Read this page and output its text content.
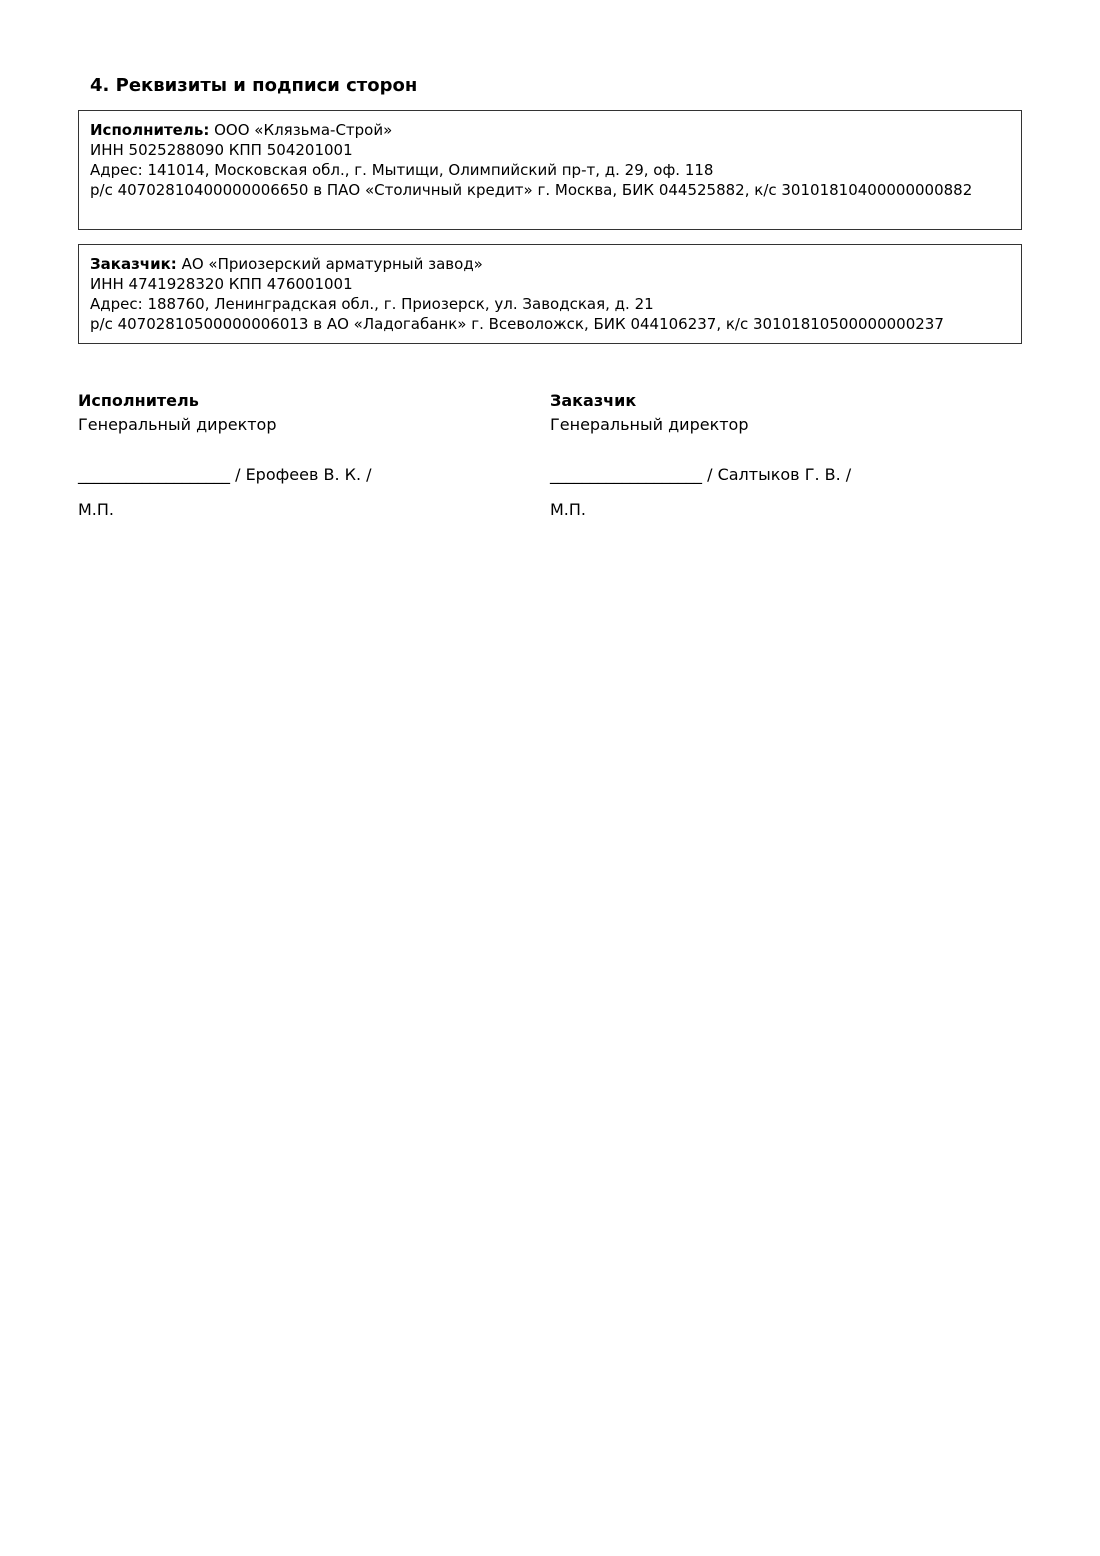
4. Реквизиты и подписи сторон
Исполнитель: ООО «Клязьма-Строй»
ИНН 5025288090 КПП 504201001
Адрес: 141014, Московская обл., г. Мытищи, Олимпийский пр-т, д. 29, оф. 118
р/с 40702810400000006650 в ПАО «Столичный кредит» г. Москва, БИК 044525882, к/с 30101810400000000882
Заказчик: АО «Приозерский арматурный завод»
ИНН 4741928320 КПП 476001001
Адрес: 188760, Ленинградская обл., г. Приозерск, ул. Заводская, д. 21
р/с 40702810500000006013 в АО «Ладогабанк» г. Всеволожск, БИК 044106237, к/с 30101810500000000237
Исполнитель
Генеральный директор
___________________ / Ерофеев В. К. /
М.П.
Заказчик
Генеральный директор
___________________ / Салтыков Г. В. /
М.П.
